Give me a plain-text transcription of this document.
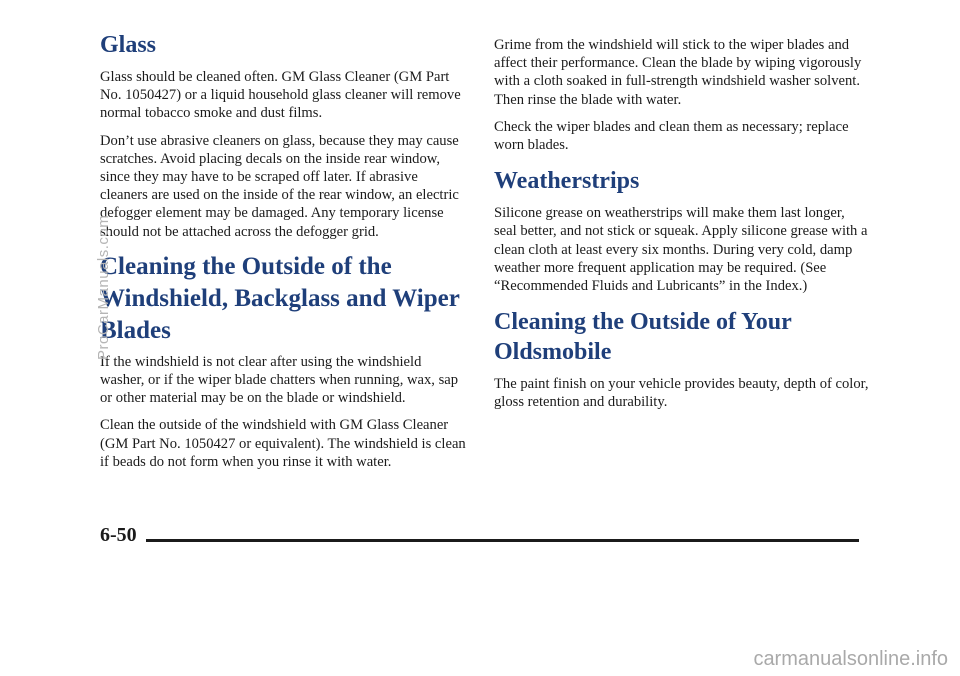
Glass

Glass should be cleaned often. GM Glass Cleaner (GM Part No. 1050427) or a liquid household glass cleaner will remove normal tobacco smoke and dust films.

Don’t use abrasive cleaners on glass, because they may cause scratches. Avoid placing decals on the inside rear window, since they may have to be scraped off later. If abrasive cleaners are used on the inside of the rear window, an electric defogger element may be damaged. Any temporary license should not be attached across the defogger grid.

Cleaning the Outside of the Windshield, Backglass and Wiper Blades

If the windshield is not clear after using the windshield washer, or if the wiper blade chatters when running, wax, sap or other material may be on the blade or windshield.

Clean the outside of the windshield with GM Glass Cleaner (GM Part No. 1050427 or equivalent). The windshield is clean if beads do not form when you rinse it with water.

Grime from the windshield will stick to the wiper blades and affect their performance. Clean the blade by wiping vigorously with a cloth soaked in full-strength windshield washer solvent. Then rinse the blade with water.

Check the wiper blades and clean them as necessary; replace worn blades.

Weatherstrips

Silicone grease on weatherstrips will make them last longer, seal better, and not stick or squeak. Apply silicone grease with a clean cloth at least every six months. During very cold, damp weather more frequent application may be required. (See “Recommended Fluids and Lubricants” in the Index.)

Cleaning the Outside of Your Oldsmobile

The paint finish on your vehicle provides beauty, depth of color, gloss retention and durability.

6-50
ProCarManuals.com
carmanualsonline.info
